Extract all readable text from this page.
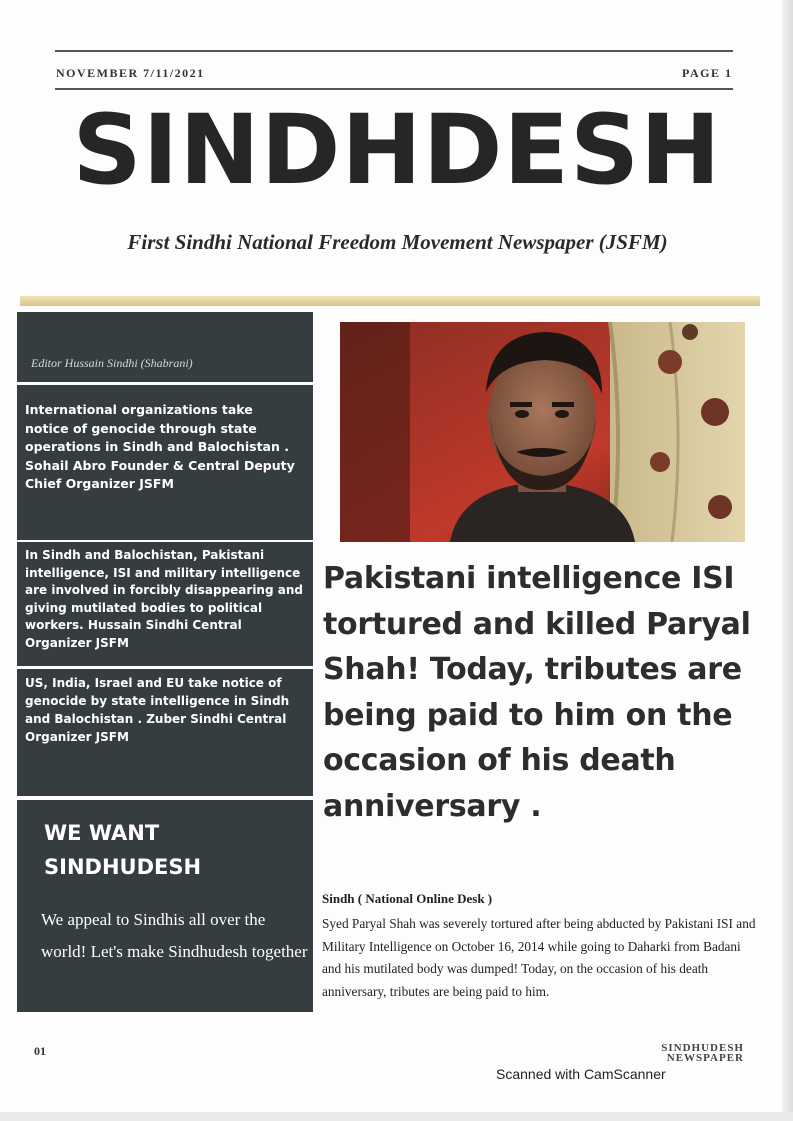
NOVEMBER 7/11/2021	PAGE 1
SINDHDESH
First Sindhi National Freedom Movement Newspaper (JSFM)
Editor Hussain Sindhi (Shabrani)
International organizations take notice of genocide through state operations in Sindh and Balochistan . Sohail Abro Founder & Central Deputy Chief Organizer JSFM
In Sindh and Balochistan, Pakistani intelligence, ISI and military intelligence are involved in forcibly disappearing and giving mutilated bodies to political workers. Hussain Sindhi Central Organizer JSFM
US, India, Israel and EU take notice of genocide by state intelligence in Sindh and Balochistan . Zuber Sindhi Central Organizer JSFM
WE WANT SINDHUDESH
We appeal to Sindhis all over the world! Let's make Sindhudesh together
Pakistani intelligence ISI tortured and killed Paryal Shah! Today, tributes are being paid to him on the occasion of his death anniversary .
Sindh ( National Online Desk )
Syed Paryal Shah was severely tortured after being abducted by Pakistani ISI and Military Intelligence on October 16, 2014 while going to Daharki from Badani and his mutilated body was dumped! Today, on the occasion of his death anniversary, tributes are being paid to him.
01	SINDHUDESH
NEWSPAPER
Scanned with CamScanner
